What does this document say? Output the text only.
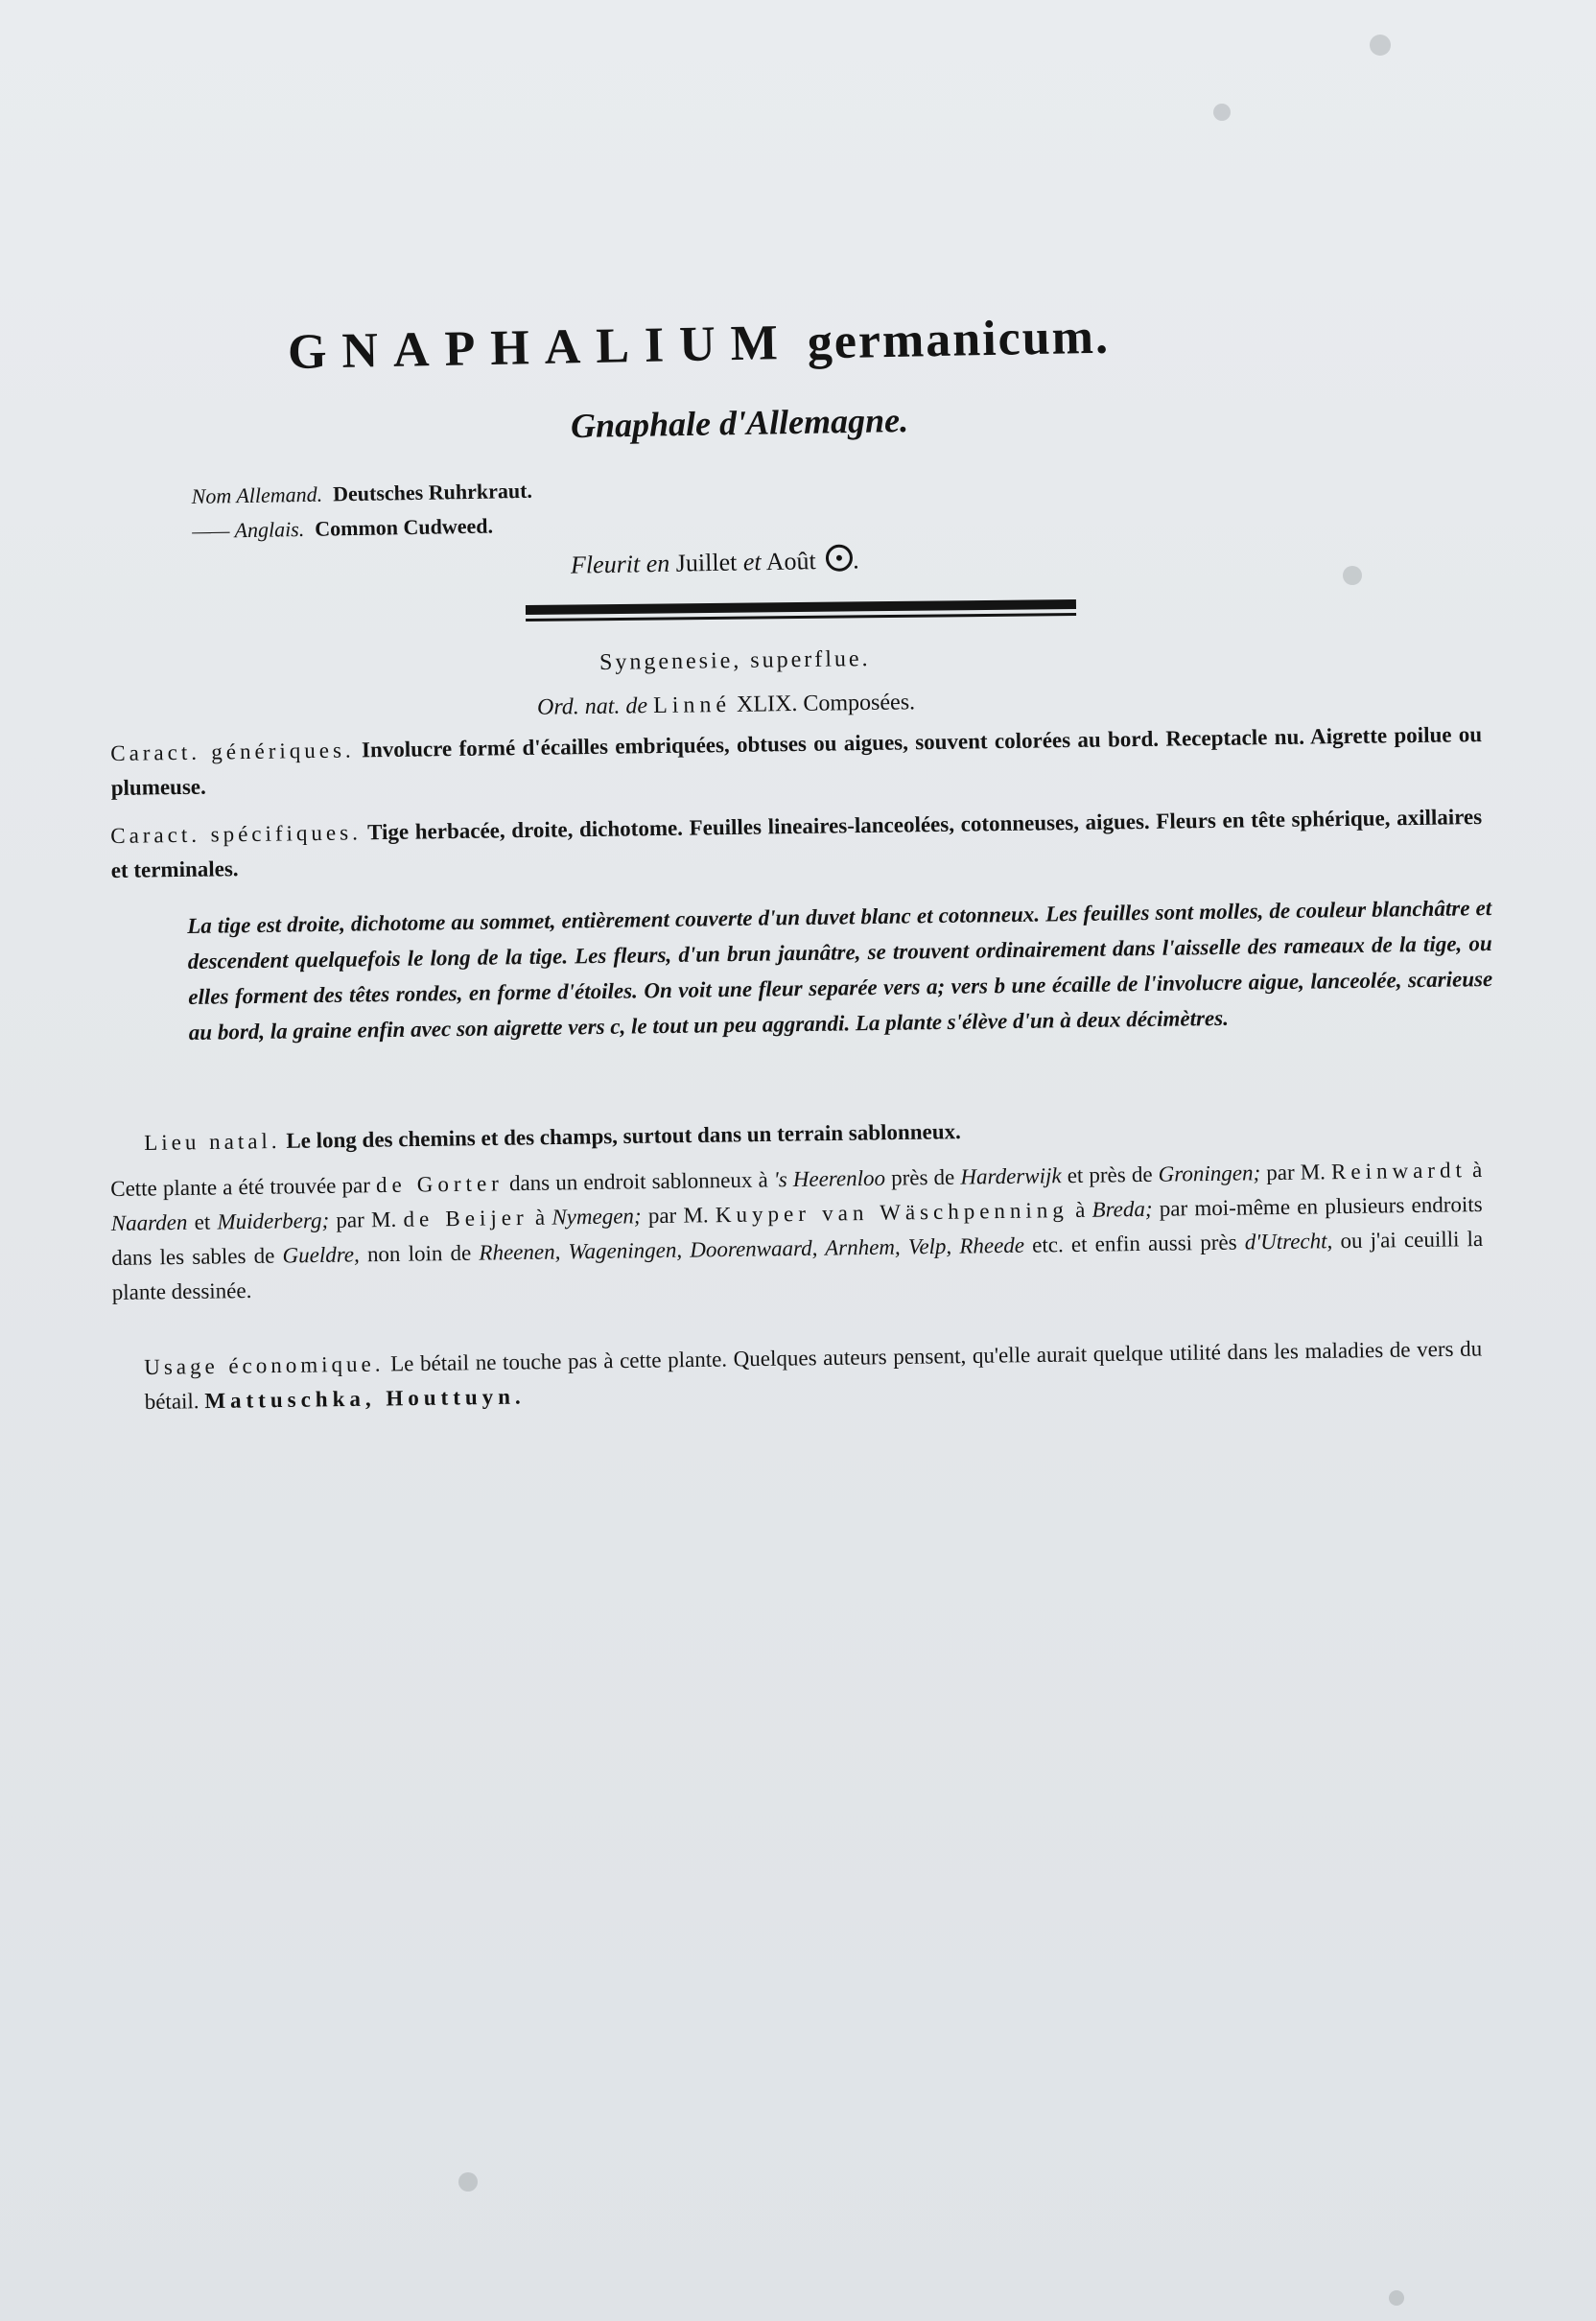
GNAPHALIUM germanicum.
Gnaphale d'Allemagne.
Nom Allemand. Deutsches Ruhrkraut.
—— Anglais. Common Cudweed.
Fleurit en Juillet et Août .
Syngenesie, superflue.
Ord. nat. de Linné XLIX. Composées.
Caract. génériques. Involucre formé d'écailles embriquées, obtuses ou aigues, souvent colorées au bord. Receptacle nu. Aigrette poilue ou plumeuse.
Caract. spécifiques. Tige herbacée, droite, dichotome. Feuilles lineaires-lanceolées, cotonneuses, aigues. Fleurs en tête sphérique, axillaires et terminales.
La tige est droite, dichotome au sommet, entièrement couverte d'un duvet blanc et cotonneux. Les feuilles sont molles, de couleur blanchâtre et descendent quelquefois le long de la tige. Les fleurs, d'un brun jaunâtre, se trouvent ordinairement dans l'aisselle des rameaux de la tige, ou elles forment des têtes rondes, en forme d'étoiles. On voit une fleur separée vers a; vers b une écaille de l'involucre aigue, lanceolée, scarieuse au bord, la graine enfin avec son aigrette vers c, le tout un peu aggrandi. La plante s'élève d'un à deux décimètres.
Lieu natal. Le long des chemins et des champs, surtout dans un terrain sablonneux.
Cette plante a été trouvée par de Gorter dans un endroit sablonneux à 's Heerenloo près de Harderwijk et près de Groningen; par M. Reinwardt à Naarden et Muiderberg; par M. de Beijer à Nymegen; par M. Kuyper van Wäschpenning à Breda; par moi-même en plusieurs endroits dans les sables de Gueldre, non loin de Rheenen, Wageningen, Doorenwaard, Arnhem, Velp, Rheede etc. et enfin aussi près d'Utrecht, ou j'ai ceuilli la plante dessinée.
Usage économique. Le bétail ne touche pas à cette plante. Quelques auteurs pensent, qu'elle aurait quelque utilité dans les maladies de vers du bétail. Mattuschka, Houttuyn.
